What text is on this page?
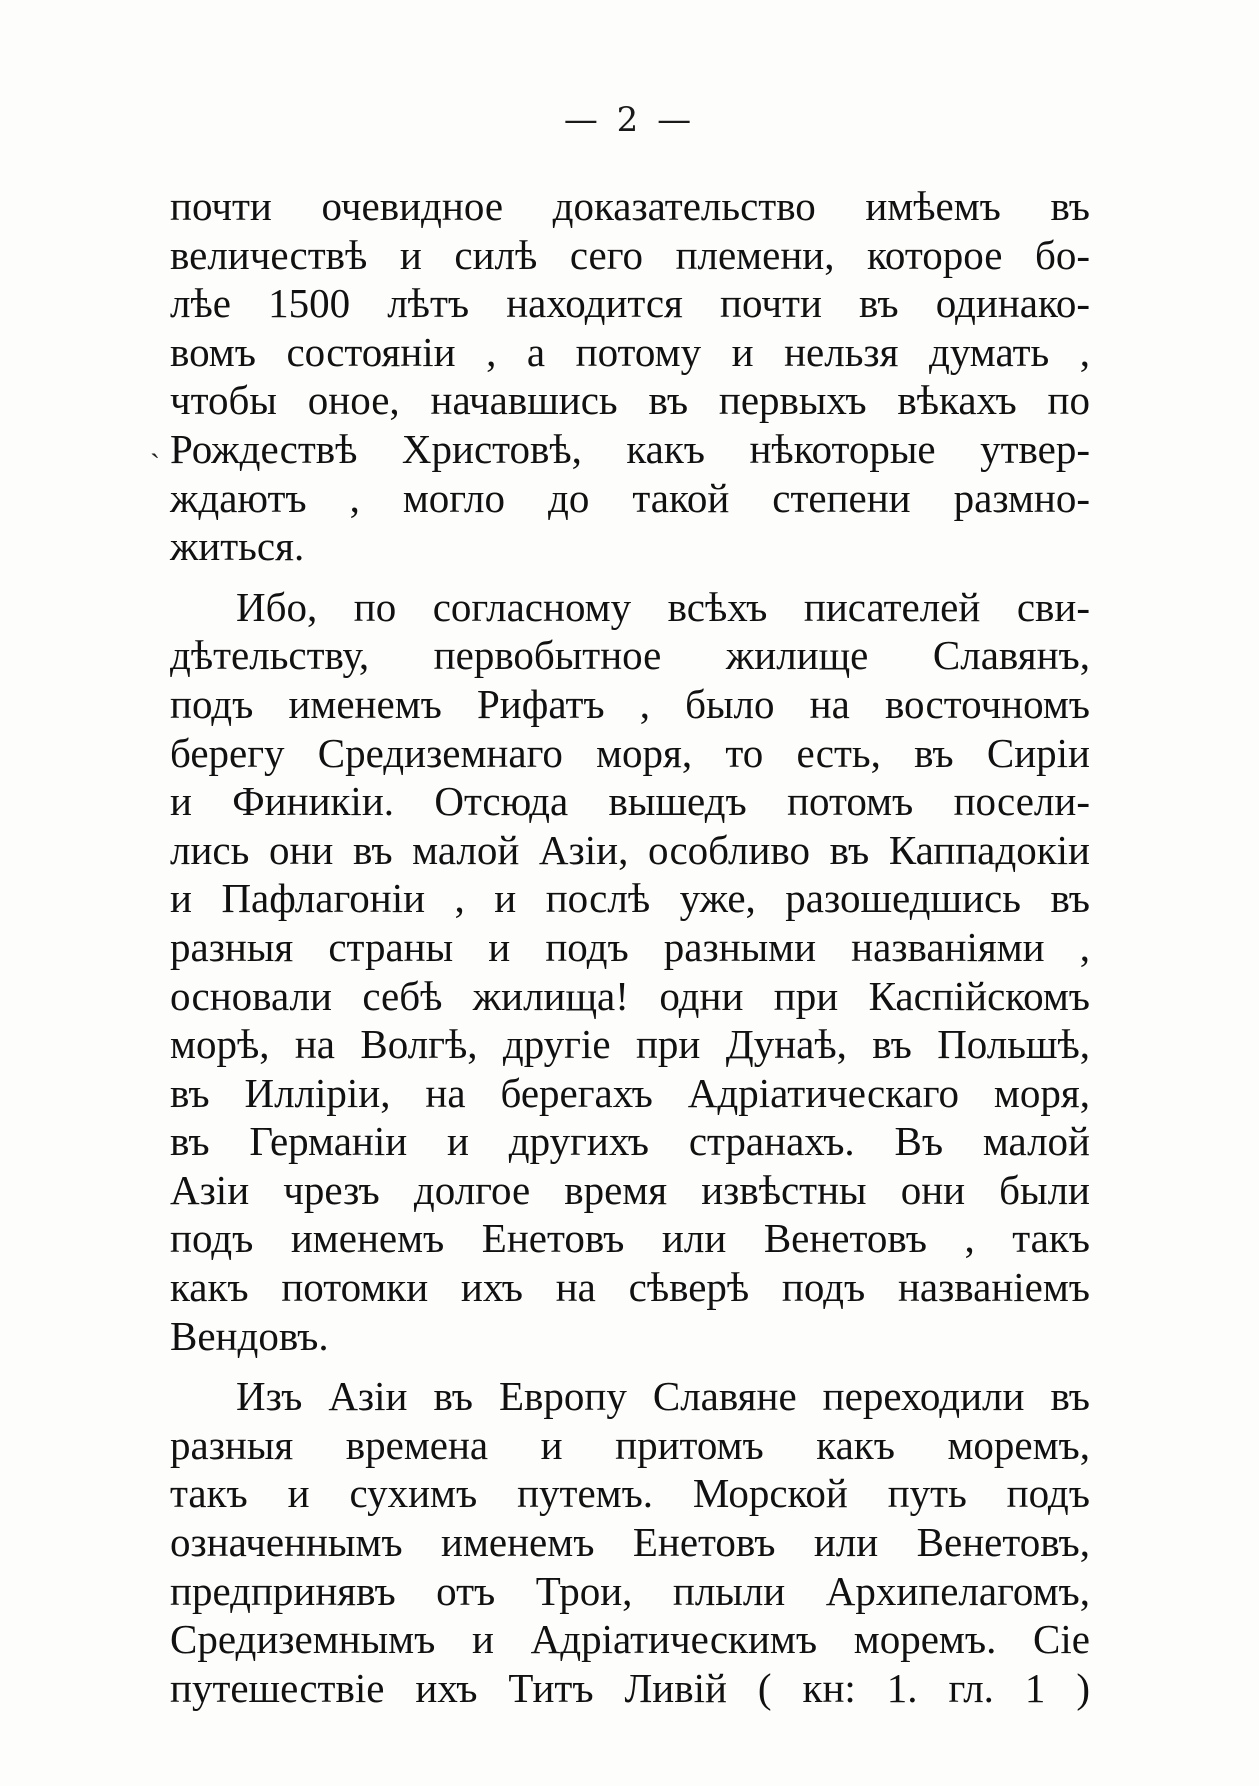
— 2 —
`
почти очевидное доказательство имѣемъ въ
величествѣ и силѣ сего племени, которое бо-
лѣе 1500 лѣтъ находится почти въ одинако-
вомъ состояніи , а потому и нельзя думать ,
чтобы оное, начавшись въ первыхъ вѣкахъ по
Рождествѣ Христовѣ, какъ нѣкоторые утвер-
ждаютъ , могло до такой степени размно-
житься.
Ибо, по согласному всѣхъ писателей сви-
дѣтельству, первобытное жилище Славянъ,
подъ именемъ Рифатъ , было на восточномъ
берегу Средиземнаго моря, то есть, въ Сиріи
и Финикіи. Отсюда вышедъ потомъ посели-
лись они въ малой Азіи, особливо въ Каппадокіи
и Пафлагоніи , и послѣ уже, разошедшись въ
разныя страны и подъ разными названіями ,
основали себѣ жилища! одни при Каспійскомъ
морѣ, на Волгѣ, другіе при Дунаѣ, въ Польшѣ,
въ Илліріи, на берегахъ Адріатическаго моря,
въ Германіи и другихъ странахъ. Въ малой
Азіи чрезъ долгое время извѣстны они были
подъ именемъ Енетовъ или Венетовъ , такъ
какъ потомки ихъ на сѣверѣ подъ названіемъ
Вендовъ.
Изъ Азіи въ Европу Славяне переходили въ
разныя времена и притомъ какъ моремъ,
такъ и сухимъ путемъ. Морской путь подъ
означеннымъ именемъ Енетовъ или Венетовъ,
предпринявъ отъ Трои, плыли Архипелагомъ,
Средиземнымъ и Адріатическимъ моремъ. Сіе
путешествіе ихъ Титъ Ливій ( кн: 1. гл. 1 )
